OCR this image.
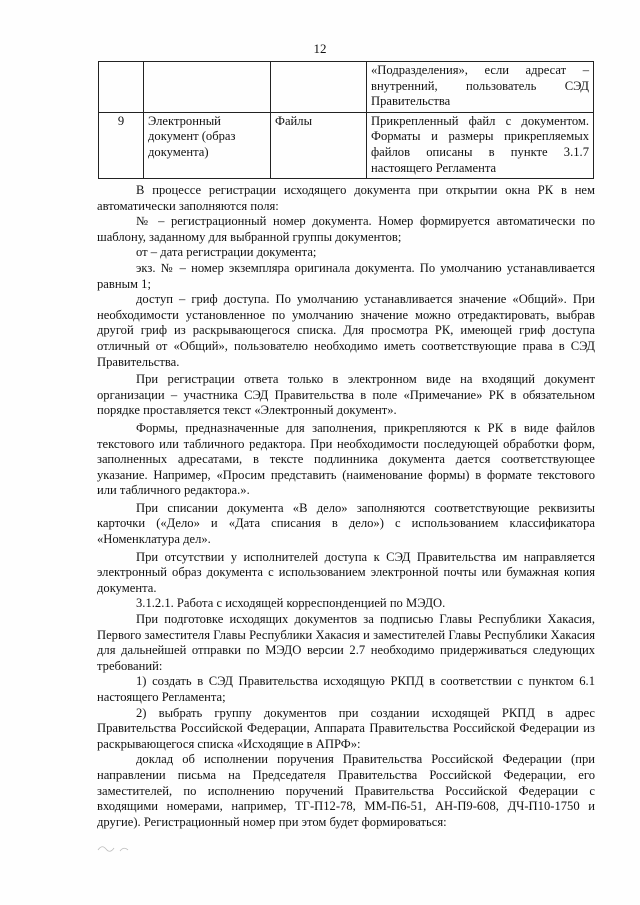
12
			«Подразделения», если адресат – внутренний, пользователь СЭД Правительства
9	Электронный документ (образ документа)	Файлы	Прикрепленный файл с документом. Форматы и размеры прикрепляемых файлов описаны в пункте 3.1.7 настоящего Регламента

В процессе регистрации исходящего документа при открытии окна РК в нем автоматически заполняются поля:

№ – регистрационный номер документа. Номер формируется автоматически по шаблону, заданному для выбранной группы документов;

от – дата регистрации документа;

экз. № – номер экземпляра оригинала документа. По умолчанию устанавливается равным 1;

доступ – гриф доступа. По умолчанию устанавливается значение «Общий». При необходимости установленное по умолчанию значение можно отредактировать, выбрав другой гриф из раскрывающегося списка. Для просмотра РК, имеющей гриф доступа отличный от «Общий», пользователю необходимо иметь соответствующие права в СЭД Правительства.

При регистрации ответа только в электронном виде на входящий документ организации – участника СЭД Правительства в поле «Примечание» РК в обязательном порядке проставляется текст «Электронный документ».

Формы, предназначенные для заполнения, прикрепляются к РК в виде файлов текстового или табличного редактора. При необходимости последующей обработки форм, заполненных адресатами, в тексте подлинника документа дается соответствующее указание. Например, «Просим представить (наименование формы) в формате текстового или табличного редактора.».

При списании документа «В дело» заполняются соответствующие реквизиты карточки («Дело» и «Дата списания в дело») с использованием классификатора «Номенклатура дел».

При отсутствии у исполнителей доступа к СЭД Правительства им направляется электронный образ документа с использованием электронной почты или бумажная копия документа.

3.1.2.1. Работа с исходящей корреспонденцией по МЭДО.

При подготовке исходящих документов за подписью Главы Республики Хакасия, Первого заместителя Главы Республики Хакасия и заместителей Главы Республики Хакасия для дальнейшей отправки по МЭДО версии 2.7 необходимо придерживаться следующих требований:

1) создать в СЭД Правительства исходящую РКПД в соответствии с пунктом 6.1 настоящего Регламента;

2) выбрать группу документов при создании исходящей РКПД в адрес Правительства Российской Федерации, Аппарата Правительства Российской Федерации из раскрывающегося списка «Исходящие в АПРФ»:

доклад об исполнении поручения Правительства Российской Федерации (при направлении письма на Председателя Правительства Российской Федерации, его заместителей, по исполнению поручений Правительства Российской Федерации с входящими номерами, например, ТГ-П12-78, ММ-П6-51, АН-П9-608, ДЧ-П10-1750 и другие). Регистрационный номер при этом будет формироваться:
